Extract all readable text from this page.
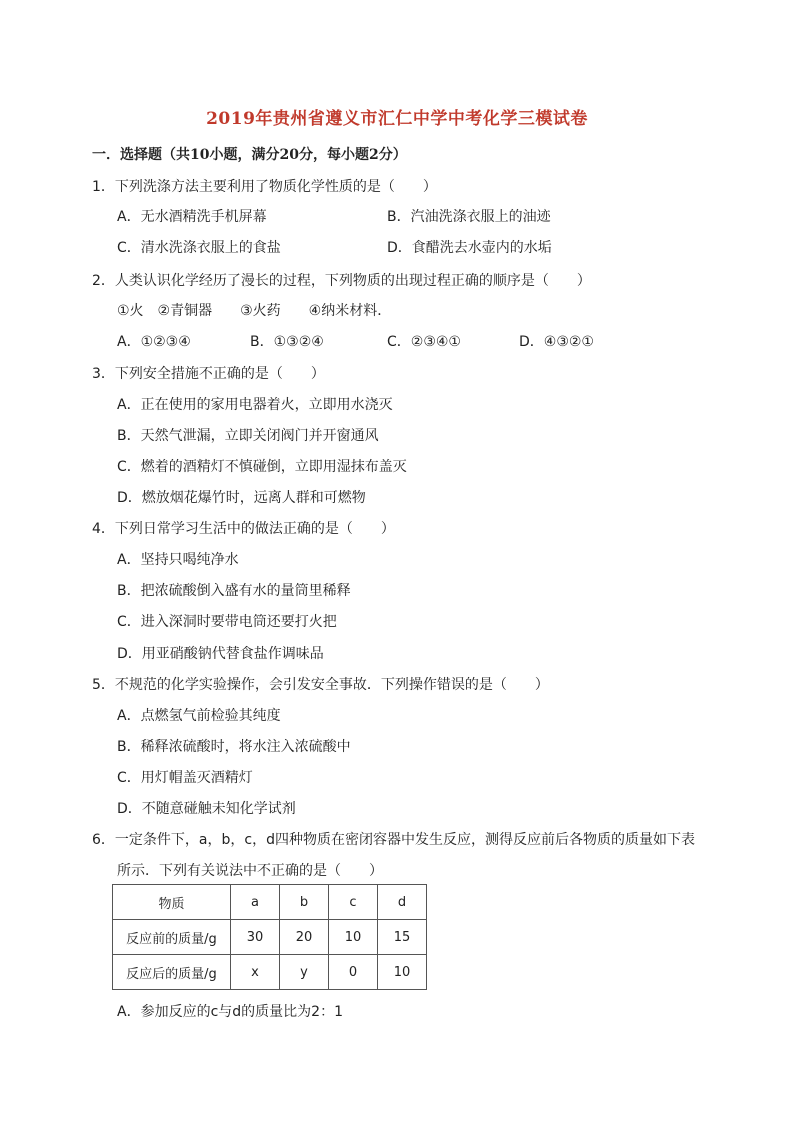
2019年贵州省遵义市汇仁中学中考化学三模试卷
一．选择题（共10小题，满分20分，每小题2分）
1．下列洗涤方法主要利用了物质化学性质的是（　　）
A．无水酒精洗手机屏幕	B．汽油洗涤衣服上的油迹
C．清水洗涤衣服上的食盐	D．食醋洗去水壶内的水垢
2．人类认识化学经历了漫长的过程，下列物质的出现过程正确的顺序是（　　）
①火　②青铜器　　③火药　　④纳米材料．
A．①②③④	B．①③②④	C．②③④①	D．④③②①
3．下列安全措施不正确的是（　　）
A．正在使用的家用电器着火，立即用水浇灭
B．天然气泄漏，立即关闭阀门并开窗通风
C．燃着的酒精灯不慎碰倒，立即用湿抹布盖灭
D．燃放烟花爆竹时，远离人群和可燃物
4．下列日常学习生活中的做法正确的是（　　）
A．坚持只喝纯净水
B．把浓硫酸倒入盛有水的量筒里稀释
C．进入深洞时要带电筒还要打火把
D．用亚硝酸钠代替食盐作调味品
5．不规范的化学实验操作，会引发安全事故．下列操作错误的是（　　）
A．点燃氢气前检验其纯度
B．稀释浓硫酸时，将水注入浓硫酸中
C．用灯帽盖灭酒精灯
D．不随意碰触未知化学试剂
6．一定条件下，a，b，c，d四种物质在密闭容器中发生反应，测得反应前后各物质的质量如下表
所示．下列有关说法中不正确的是（　　）
物质	a	b	c	d
反应前的质量/g	30	20	10	15
反应后的质量/g	x	y	0	10
A．参加反应的c与d的质量比为2：1
